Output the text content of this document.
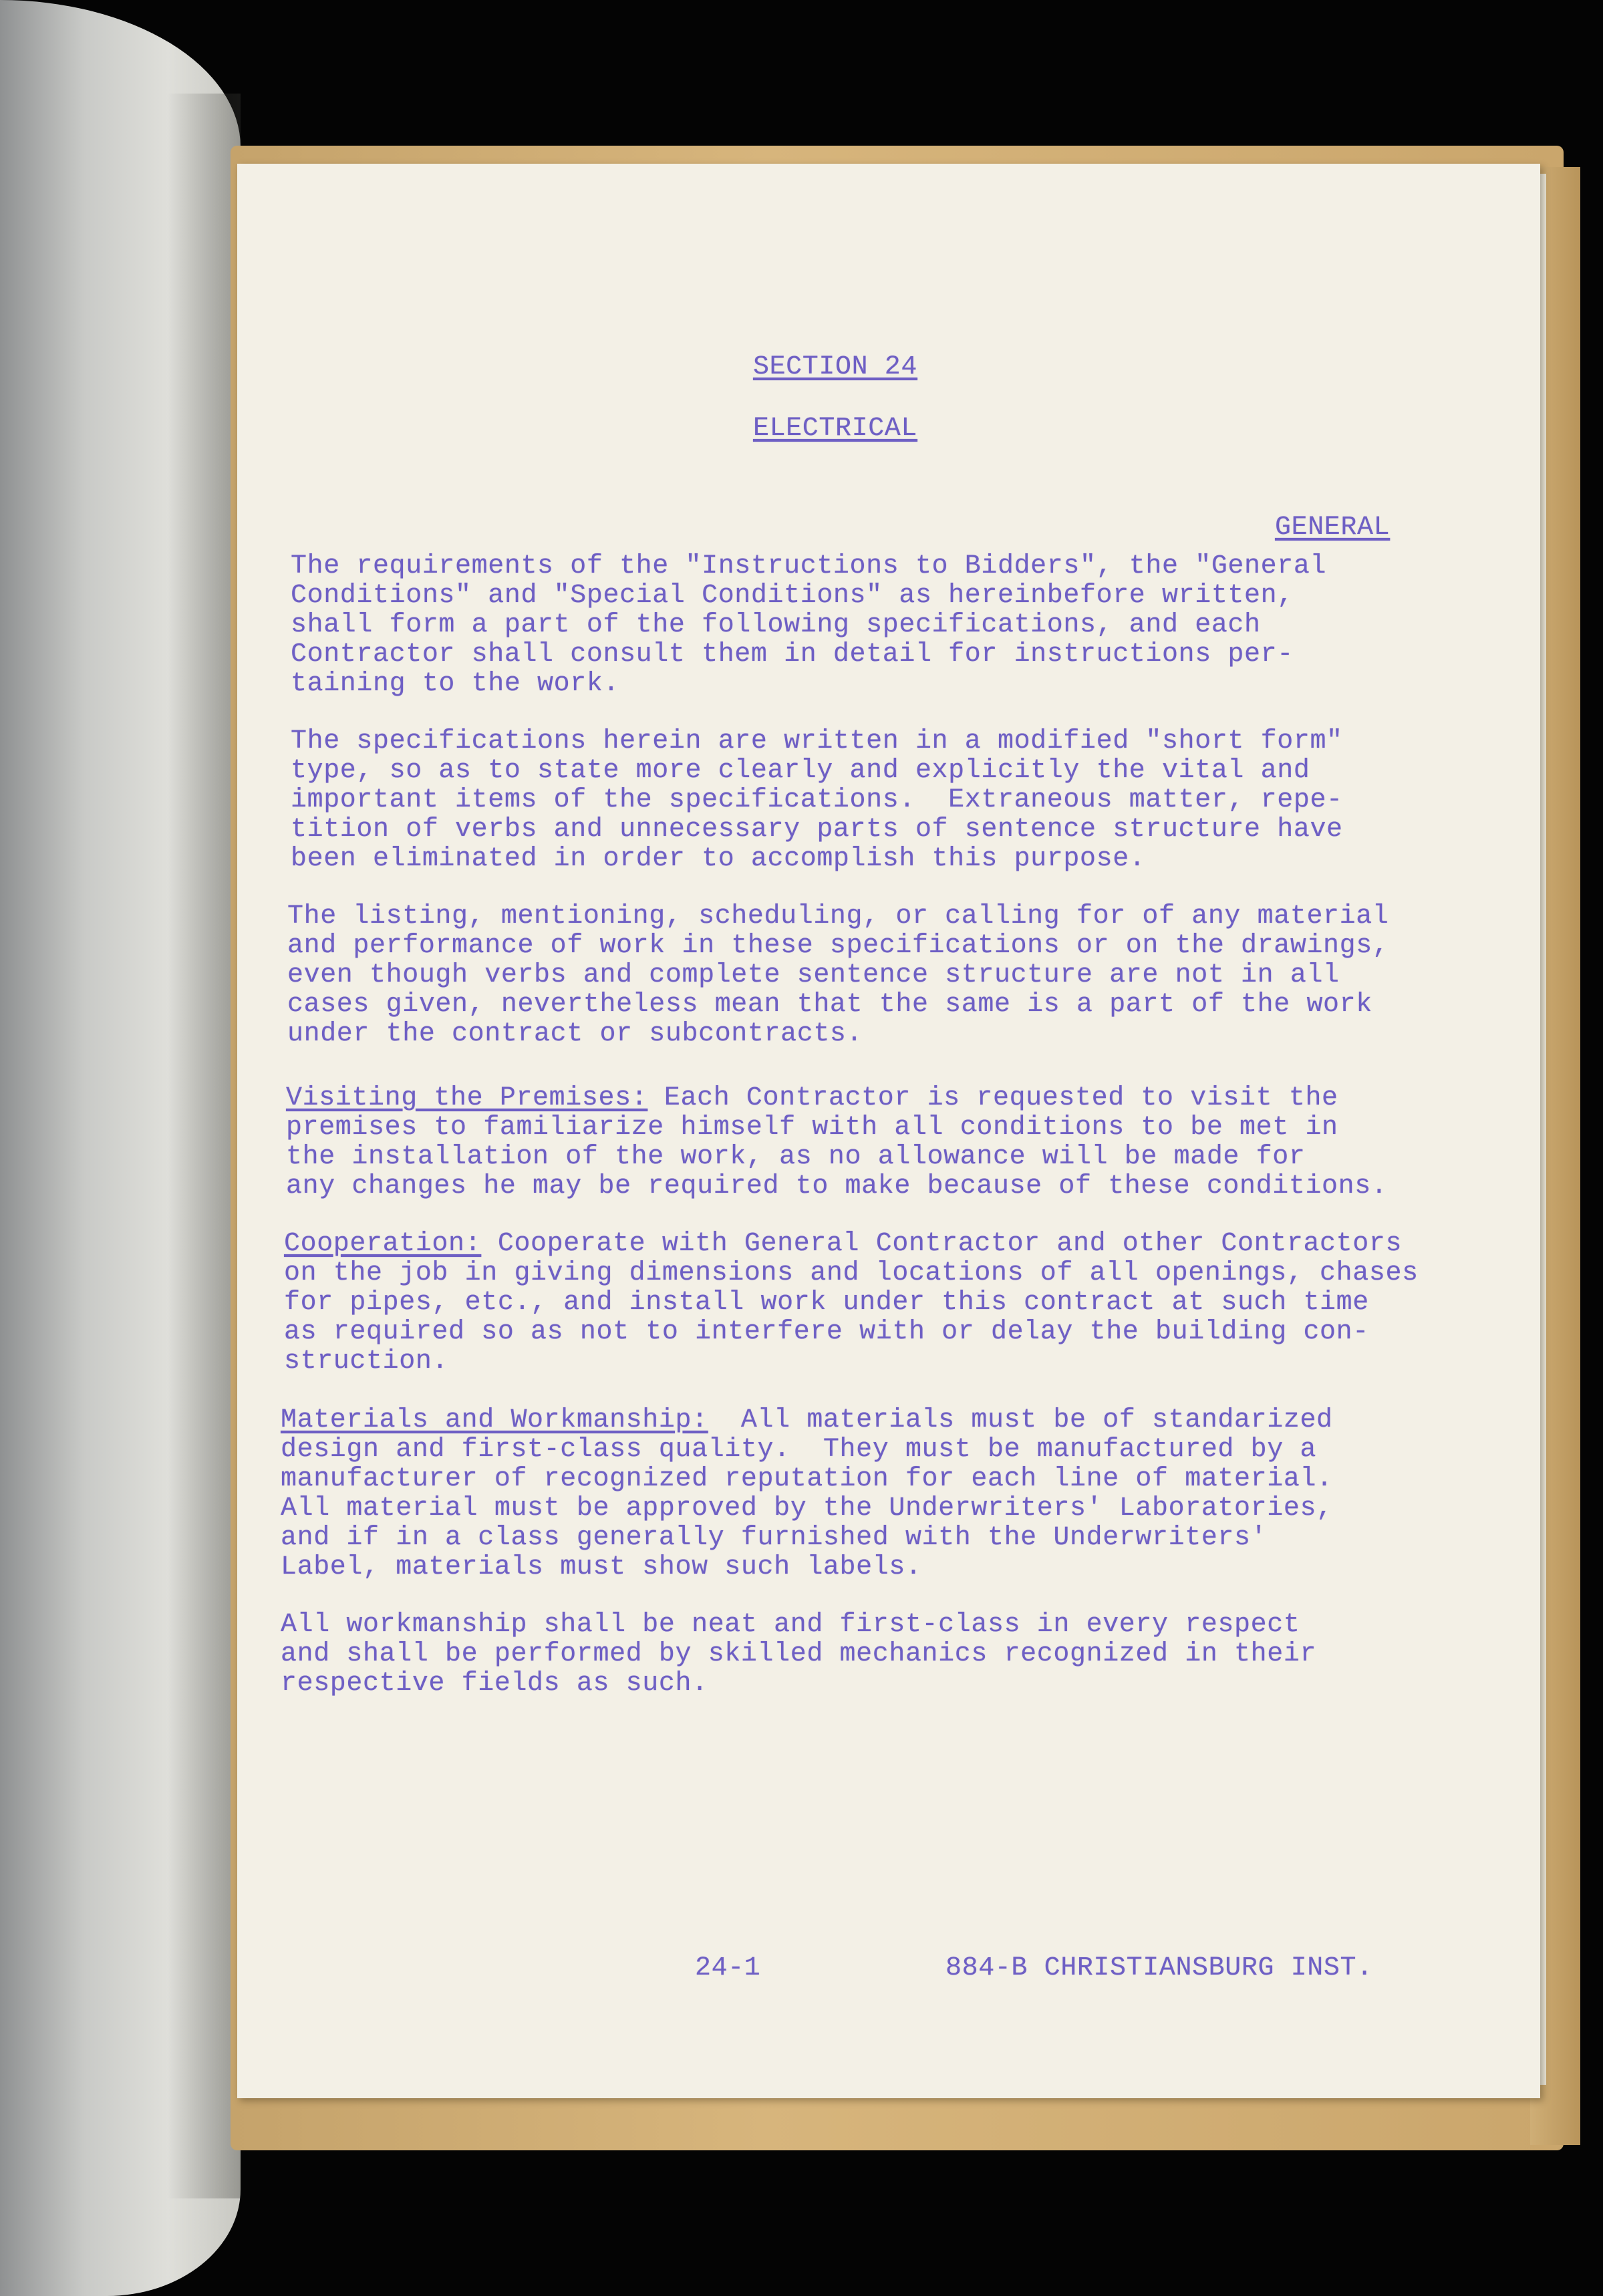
SECTION 24
ELECTRICAL
GENERAL
The requirements of the "Instructions to Bidders", the "General
Conditions" and "Special Conditions" as hereinbefore written,
shall form a part of the following specifications, and each
Contractor shall consult them in detail for instructions per-
taining to the work.
The specifications herein are written in a modified "short form"
type, so as to state more clearly and explicitly the vital and
important items of the specifications.  Extraneous matter, repe-
tition of verbs and unnecessary parts of sentence structure have
been eliminated in order to accomplish this purpose.
The listing, mentioning, scheduling, or calling for of any material
and performance of work in these specifications or on the drawings,
even though verbs and complete sentence structure are not in all
cases given, nevertheless mean that the same is a part of the work
under the contract or subcontracts.
Visiting the Premises: Each Contractor is requested to visit the
premises to familiarize himself with all conditions to be met in
the installation of the work, as no allowance will be made for
any changes he may be required to make because of these conditions.
Cooperation: Cooperate with General Contractor and other Contractors
on the job in giving dimensions and locations of all openings, chases
for pipes, etc., and install work under this contract at such time
as required so as not to interfere with or delay the building con-
struction.
Materials and Workmanship:  All materials must be of standarized
design and first-class quality.  They must be manufactured by a
manufacturer of recognized reputation for each line of material.
All material must be approved by the Underwriters' Laboratories,
and if in a class generally furnished with the Underwriters'
Label, materials must show such labels.
All workmanship shall be neat and first-class in every respect
and shall be performed by skilled mechanics recognized in their
respective fields as such.
24-1	884-B CHRISTIANSBURG INST.
